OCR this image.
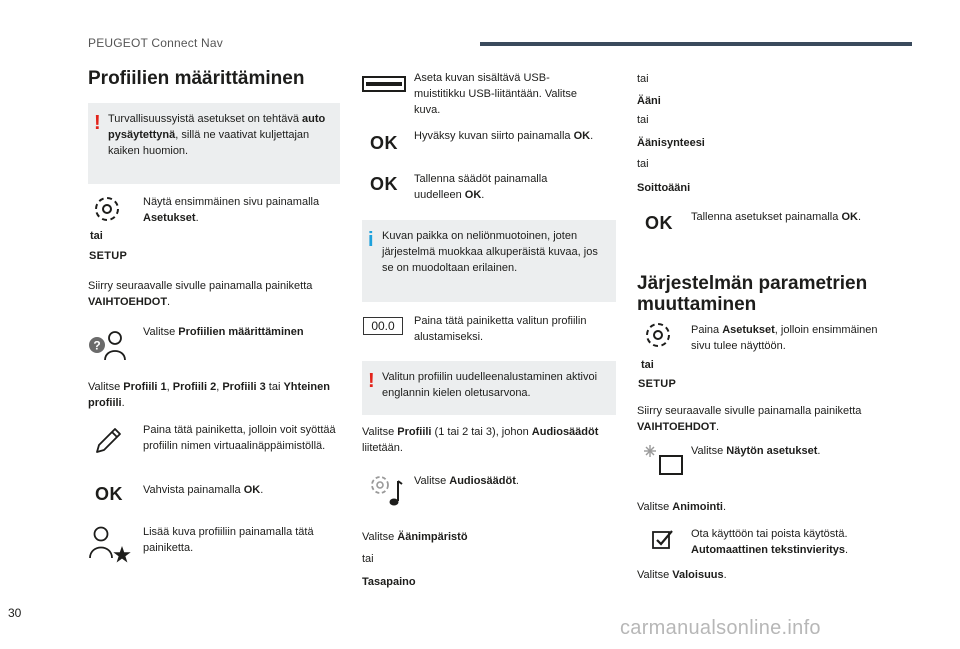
PEUGEOT Connect Nav
Profiilien määrittäminen
! Turvallisuussyistä asetukset on tehtävä auto pysäytettynä, sillä ne vaativat kuljettajan kaiken huomion.
tai
SETUP
Näytä ensimmäinen sivu painamalla Asetukset.
Siirry seuraavalle sivulle painamalla painiketta VAIHTOEHDOT.
?
Valitse Profiilien määrittäminen
Valitse Profiili 1, Profiili 2, Profiili 3 tai Yhteinen profiili.
Paina tätä painiketta, jolloin voit syöttää profiilin nimen virtuaalinäppäimistöllä.
OK Vahvista painamalla OK.
Lisää kuva profiiliin painamalla tätä painiketta.
Aseta kuvan sisältävä USB-muistitikku USB-liitäntään. Valitse kuva.
OK Hyväksy kuvan siirto painamalla OK.
OK Tallenna säädöt painamalla uudelleen OK.
i Kuvan paikka on neliönmuotoinen, joten järjestelmä muokkaa alkuperäistä kuvaa, jos se on muodoltaan erilainen.
00.0	Paina tätä painiketta valitun profiilin alustamiseksi.
! Valitun profiilin uudelleenalustaminen aktivoi englannin kielen oletusarvona.
Valitse Profiili (1 tai 2 tai 3), johon Audiosäädöt liitetään.
Valitse Audiosäädöt.
Valitse Äänimpäristö
tai
Tasapaino
tai
Ääni
tai
Äänisynteesi
tai
Soittoääni
OK Tallenna asetukset painamalla OK.
Järjestelmän parametrien muuttaminen
tai
SETUP
Paina Asetukset, jolloin ensimmäinen sivu tulee näyttöön.
Siirry seuraavalle sivulle painamalla painiketta VAIHTOEHDOT.
Valitse Näytön asetukset.
Valitse Animointi.
Ota käyttöön tai poista käytöstä. Automaattinen tekstinvieritys.
Valitse Valoisuus.
30
carmanualsonline.info
